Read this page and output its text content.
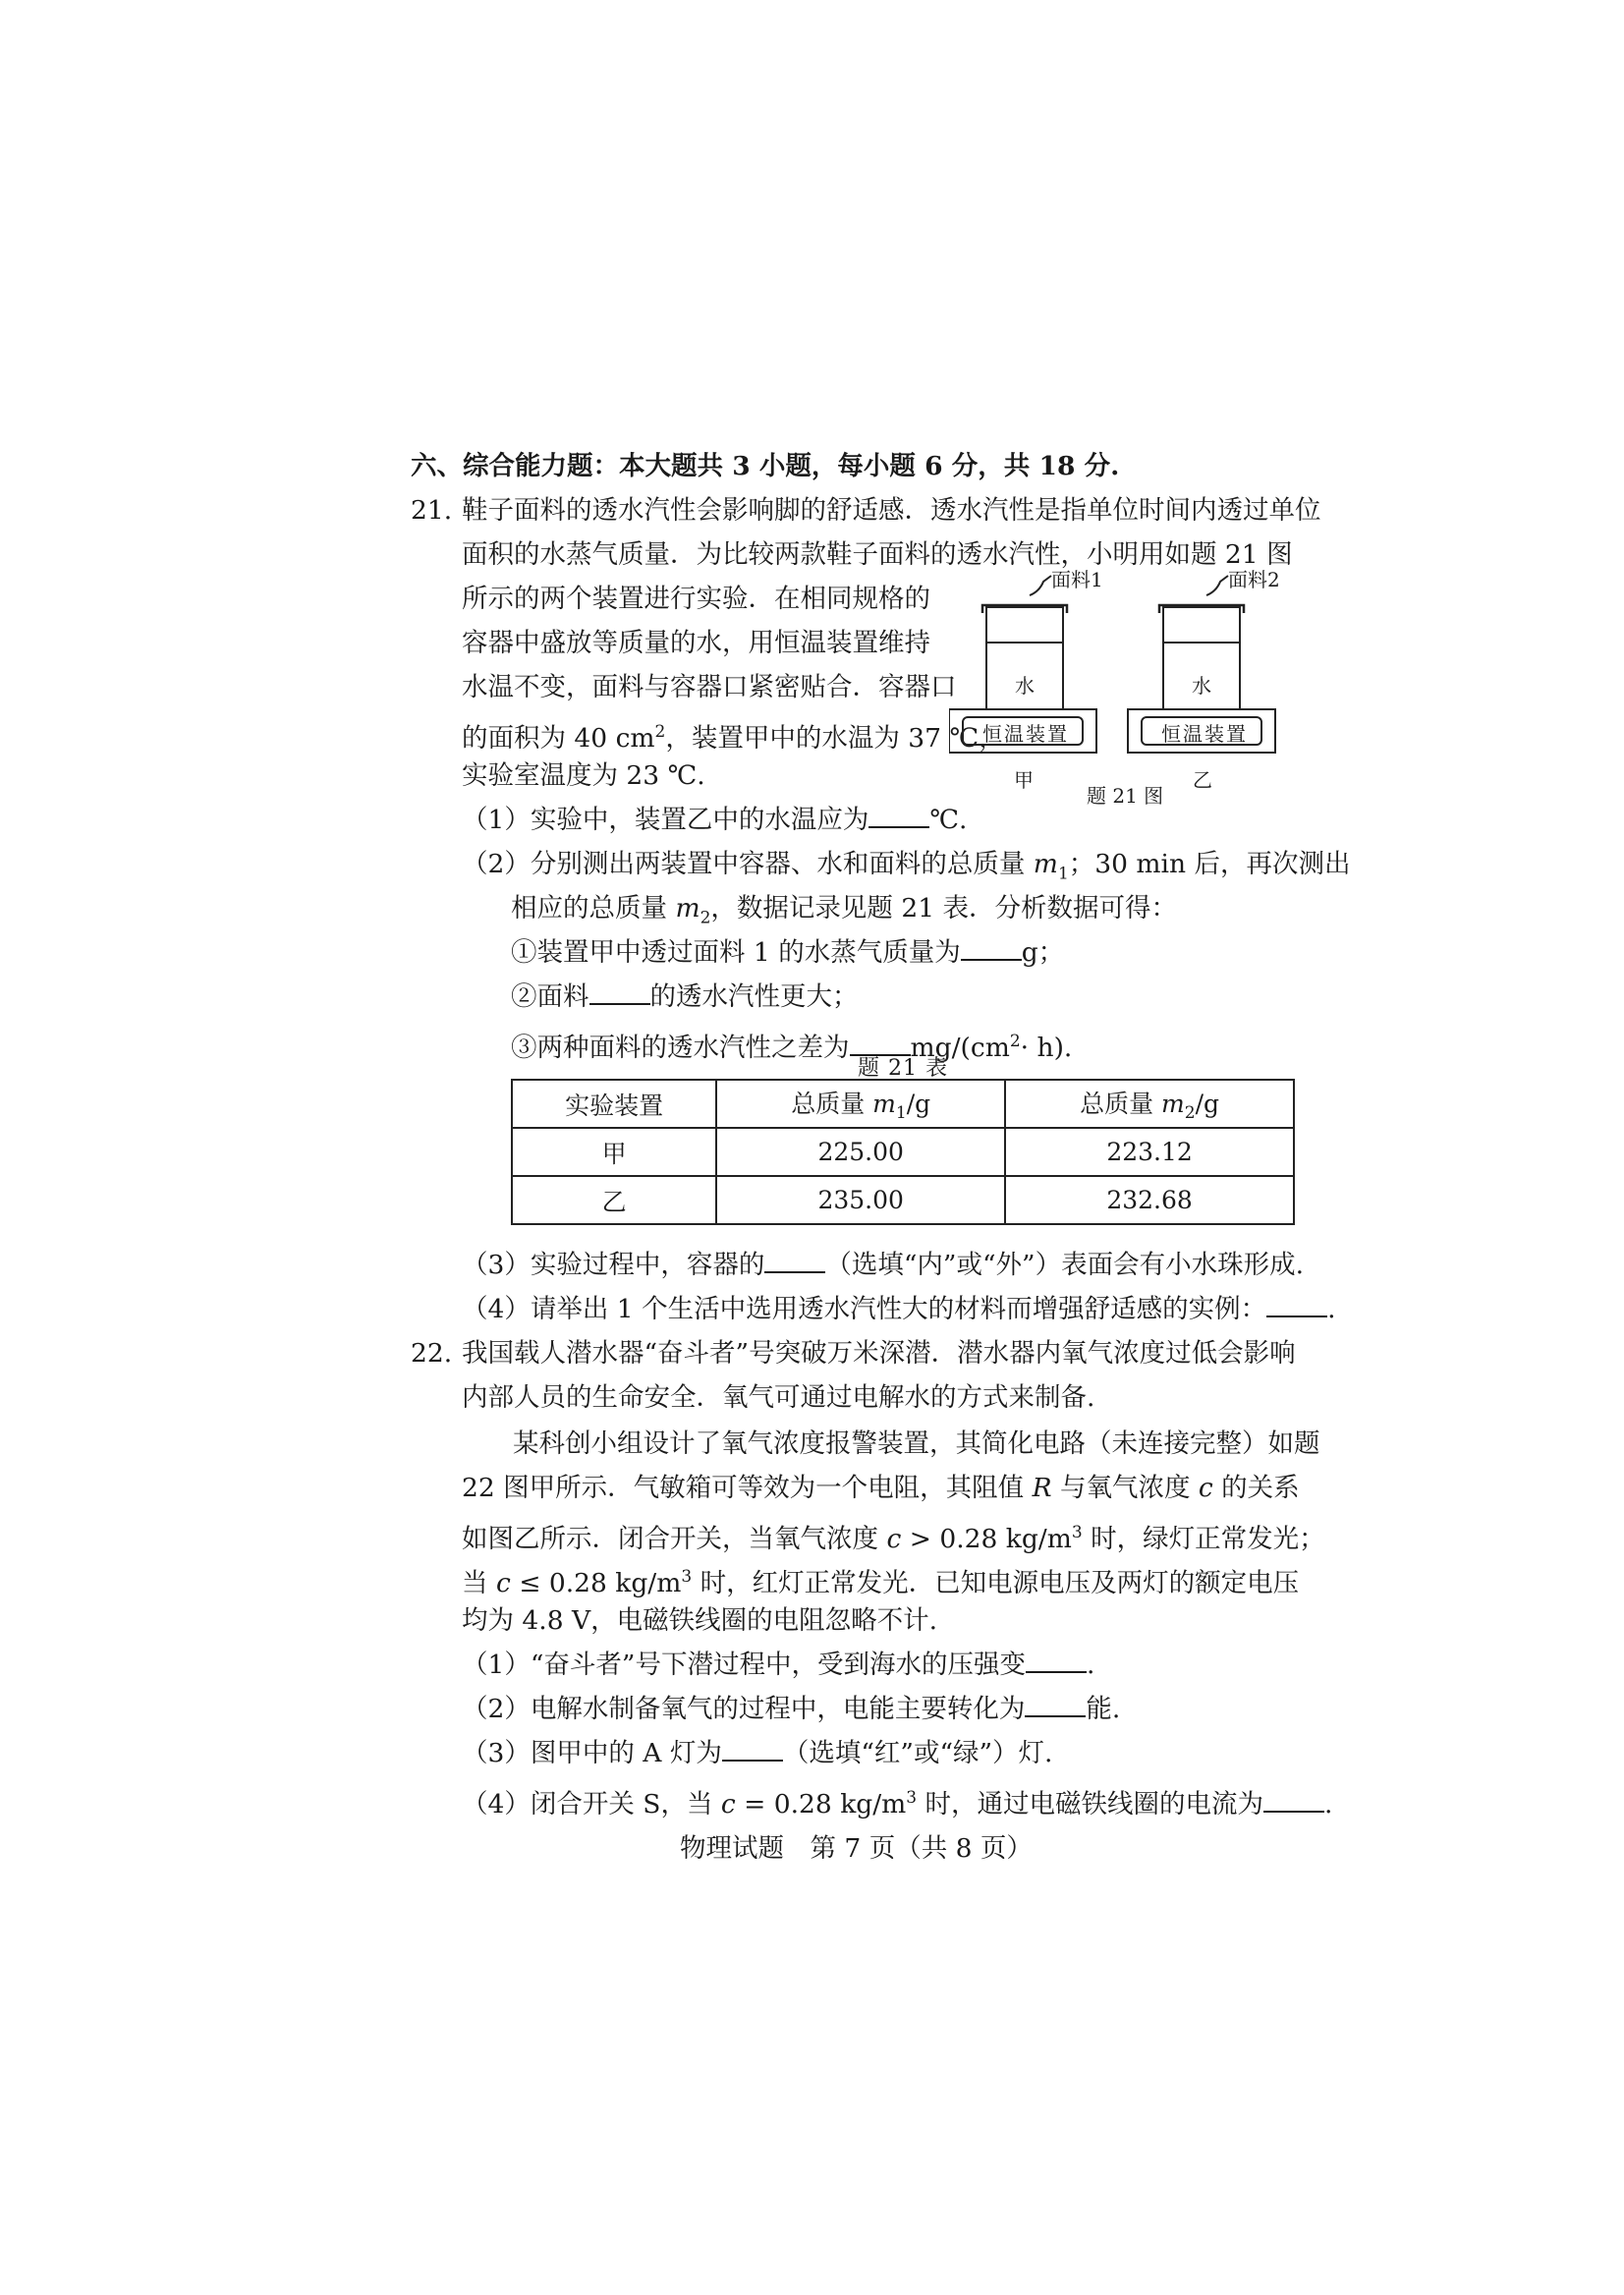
六、综合能力题：本大题共 3 小题，每小题 6 分，共 18 分.
21. 鞋子面料的透水汽性会影响脚的舒适感．透水汽性是指单位时间内透过单位
面积的水蒸气质量．为比较两款鞋子面料的透水汽性，小明用如题 21 图
所示的两个装置进行实验．在相同规格的
容器中盛放等质量的水，用恒温装置维持
水温不变，面料与容器口紧密贴合．容器口
的面积为 40 $cm^2$，装置甲中的水温为 37 ℃，
实验室温度为 23 ℃.
面料1	面料2
水	水
恒温装置	恒温装置
甲
题 21 图
乙
（1）实验中，装置乙中的水温应为 ℃.
（2）分别测出两装置中容器、水和面料的总质量 $m_1$；30 min 后，再次测出
相应的总质量 $m_2$，数据记录见题 21 表．分析数据可得：
①装置甲中透过面料 1 的水蒸气质量为 g；
②面料 的透水汽性更大；
③两种面料的透水汽性之差为 $mg/(cm^2\cdot h)$.
题 21 表
实验装置	总质量 $m_1/g$	总质量 $m_2/g$
甲	225.00	223.12
乙	235.00	232.68
（3）实验过程中，容器的 （选填“内”或“外”）表面会有小水珠形成.
（4）请举出 1 个生活中选用透水汽性大的材料而增强舒适感的实例： .
22. 我国载人潜水器“奋斗者”号突破万米深潜．潜水器内氧气浓度过低会影响
内部人员的生命安全．氧气可通过电解水的方式来制备.
某科创小组设计了氧气浓度报警装置，其简化电路（未连接完整）如题
22 图甲所示．气敏箱可等效为一个电阻，其阻值 R 与氧气浓度 c 的关系
如图乙所示．闭合开关，当氧气浓度 c > 0.28 $kg/m^3$ 时，绿灯正常发光；
当 c ≤ 0.28 $kg/m^3$ 时，红灯正常发光．已知电源电压及两灯的额定电压
均为 4.8 V，电磁铁线圈的电阻忽略不计.
（1）“奋斗者”号下潜过程中，受到海水的压强变 .
（2）电解水制备氧气的过程中，电能主要转化为 能.
（3）图甲中的 A 灯为 （选填“红”或“绿”）灯.
（4）闭合开关 S，当 c = 0.28 $kg/m^3$ 时，通过电磁铁线圈的电流为 .
物理试题　第 7 页（共 8 页）
